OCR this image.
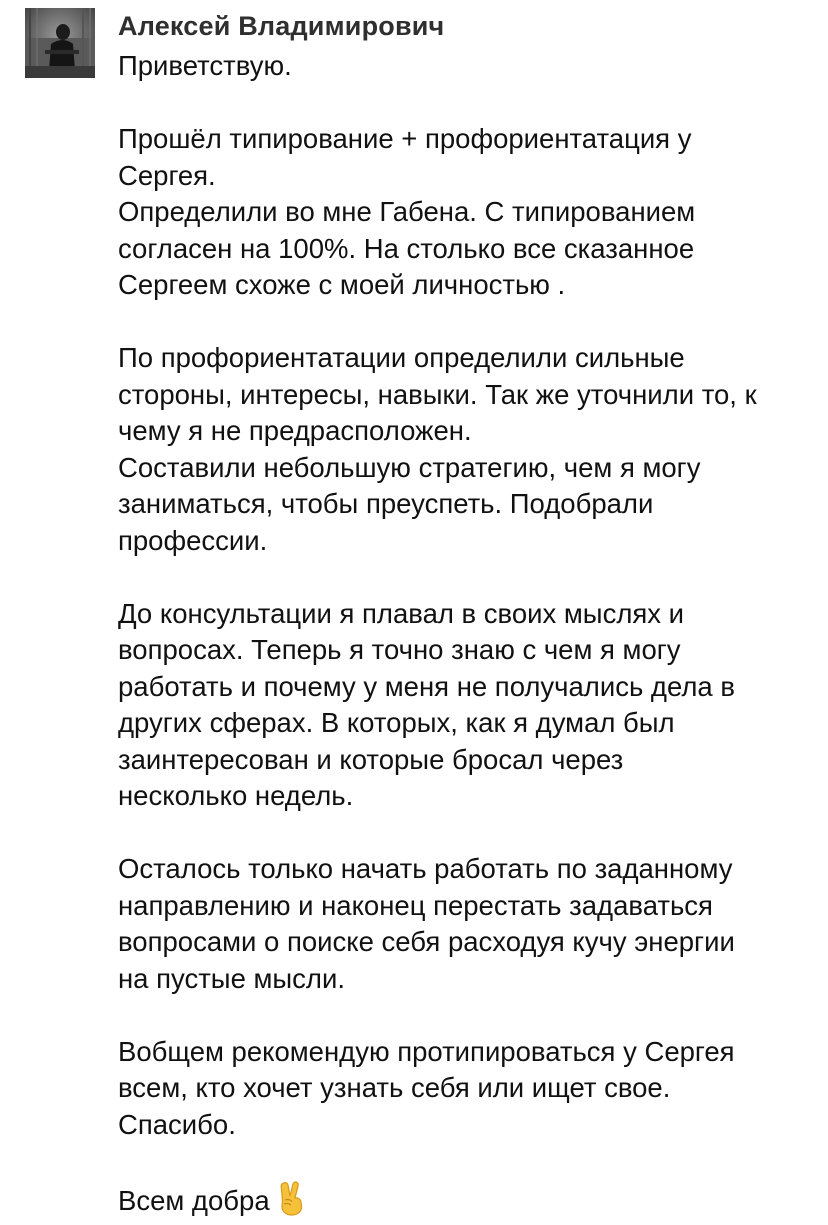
Алексей Владимирович
Приветствую.
Прошёл типирование + профориентатация у
Сергея.
Определили во мне Габена. С типированием
согласен на 100%. На столько все сказанное
Сергеем схоже с моей личностью .
По профориентатации определили сильные
стороны, интересы, навыки. Так же уточнили то, к
чему я не предрасположен.
Составили небольшую стратегию, чем я могу
заниматься, чтобы преуспеть. Подобрали
профессии.
До консультации я плавал в своих мыслях и
вопросах. Теперь я точно знаю с чем я могу
работать и почему у меня не получались дела в
других сферах. В которых, как я думал был
заинтересован и которые бросал через
несколько недель.
Осталось только начать работать по заданному
направлению и наконец перестать задаваться
вопросами о поиске себя расходуя кучу энергии
на пустые мысли.
Вобщем рекомендую протипироваться у Сергея
всем, кто хочет узнать себя или ищет свое.
Спасибо.
Всем добра
